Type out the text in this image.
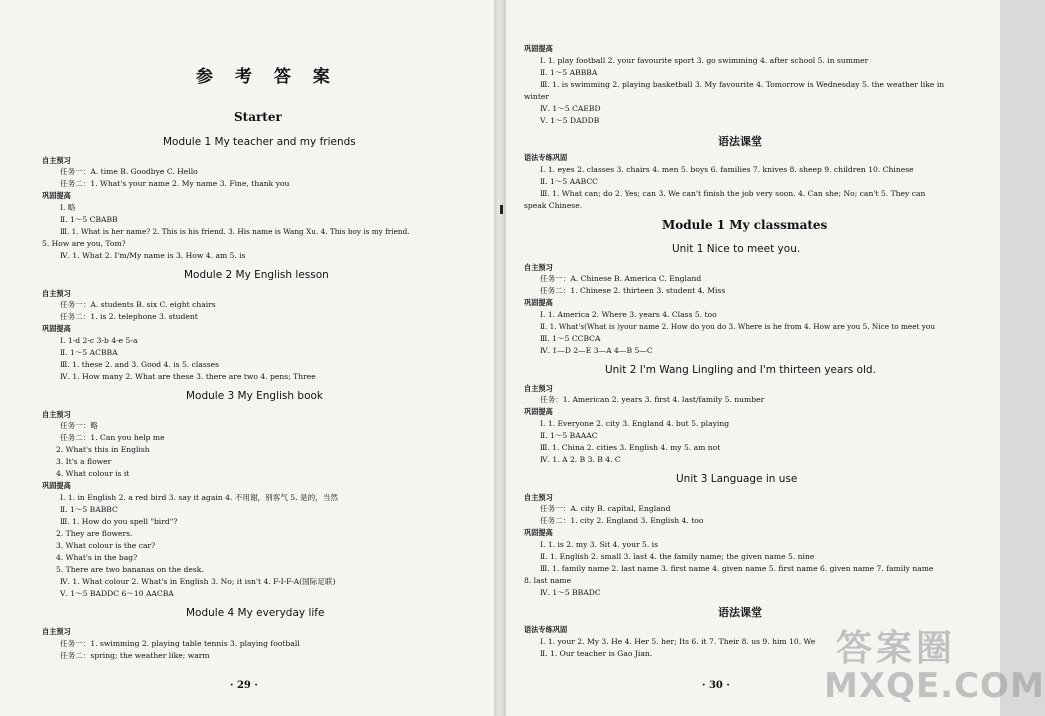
参 考 答 案
Starter
Module 1 My teacher and my friends
自主预习
任务一：A. time B. Goodbye C. Hello
任务二：1. What's your name 2. My name 3. Fine, thank you
巩固提高
Ⅰ. 略
Ⅱ. 1～5 CBABB
Ⅲ. 1. What is her name? 2. This is his friend. 3. His name is Wang Xu. 4. This boy is my friend.
5. How are you, Tom?
Ⅳ. 1. What 2. I'm/My name is 3. How 4. am 5. is
Module 2 My English lesson
自主预习
任务一：A. students B. six C. eight chairs
任务二：1. is 2. telephone 3. student
巩固提高
Ⅰ. 1-d 2-c 3-b 4-e 5-a
Ⅱ. 1～5 ACBBA
Ⅲ. 1. these 2. and 3. Good 4. is 5. classes
Ⅳ. 1. How many 2. What are these 3. there are two 4. pens; Three
Module 3 My English book
自主预习
任务一：略
任务二：1. Can you help me
2. What's this in English
3. It's a flower
4. What colour is it
巩固提高
Ⅰ. 1. in English 2. a red bird 3. say it again 4. 不用谢，别客气 5. 是的，当然
Ⅱ. 1～5 BABBC
Ⅲ. 1. How do you spell "bird"?
2. They are flowers.
3. What colour is the car?
4. What's in the bag?
5. There are two bananas on the desk.
Ⅳ. 1. What colour 2. What's in English 3. No; it isn't 4. F-I-F-A(国际足联)
Ⅴ. 1～5 BADDC 6～10 AACBA
Module 4 My everyday life
自主预习
任务一：1. swimming 2. playing table tennis 3. playing football
任务二：spring; the weather like; warm
· 29 ·
巩固提高
Ⅰ. 1. play football 2. your favourite sport 3. go swimming 4. after school 5. in summer
Ⅱ. 1～5 ABBBA
Ⅲ. 1. is swimming 2. playing basketball 3. My favourite 4. Tomorrow is Wednesday 5. the weather like in
winter
Ⅳ. 1～5 CAEBD
Ⅴ. 1～5 DADDB
语法课堂
语法专练巩固
Ⅰ. 1. eyes 2. classes 3. chairs 4. men 5. boys 6. families 7. knives 8. sheep 9. children 10. Chinese
Ⅱ. 1～5 AABCC
Ⅲ. 1. What can; do 2. Yes; can 3. We can't finish the job very soon. 4. Can she; No; can't 5. They can
speak Chinese.
Module 1 My classmates
Unit 1 Nice to meet you.
自主预习
任务一：A. Chinese B. America C. England
任务二：1. Chinese 2. thirteen 3. student 4. Miss
巩固提高
Ⅰ. 1. America 2. Where 3. years 4. Class 5. too
Ⅱ. 1. What's(What is )your name 2. How do you do 3. Where is he from 4. How are you 5. Nice to meet you
Ⅲ. 1～5 CCBCA
Ⅳ. 1—D 2—E 3—A 4—B 5—C
Unit 2 I'm Wang Lingling and I'm thirteen years old.
自主预习
任务：1. American 2. years 3. first 4. last/family 5. number
巩固提高
Ⅰ. 1. Everyone 2. city 3. England 4. but 5. playing
Ⅱ. 1～5 BAAAC
Ⅲ. 1. China 2. cities 3. English 4. my 5. am not
Ⅳ. 1. A 2. B 3. B 4. C
Unit 3 Language in use
自主预习
任务一：A. city B. capital, England
任务二：1. city 2. England 3. English 4. too
巩固提高
Ⅰ. 1. is 2. my 3. Sit 4. your 5. is
Ⅱ. 1. English 2. small 3. last 4. the family name; the given name 5. nine
Ⅲ. 1. family name 2. last name 3. first name 4. given name 5. first name 6. given name 7. family name
8. last name
Ⅳ. 1～5 BBADC
语法课堂
语法专练巩固
Ⅰ. 1. your 2. My 3. He 4. Her 5. her; Its 6. it 7. Their 8. us 9. him 10. We
Ⅱ. 1. Our teacher is Gao Jian.
· 30 ·
答案圈
MXQE.COM
